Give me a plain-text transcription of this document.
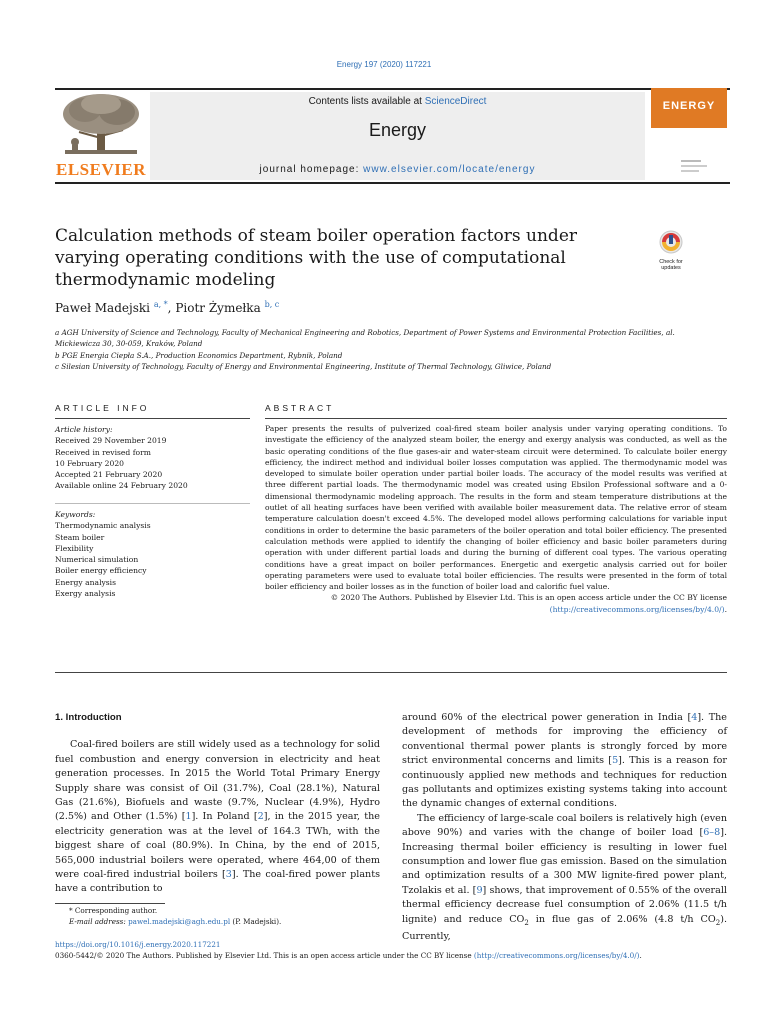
Energy 197 (2020) 117221
ELSEVIER
Contents lists available at ScienceDirect
Energy
journal homepage: www.elsevier.com/locate/energy
ENERGY
Calculation methods of steam boiler operation factors under varying operating conditions with the use of computational thermodynamic modeling
Check for updates
Paweł Madejski $^{a, *}$, Piotr Żymełka $^{b, c}$
a AGH University of Science and Technology, Faculty of Mechanical Engineering and Robotics, Department of Power Systems and Environmental Protection Facilities, al. Mickiewicza 30, 30-059, Kraków, Poland
b PGE Energia Ciepła S.A., Production Economics Department, Rybnik, Poland
c Silesian University of Technology, Faculty of Energy and Environmental Engineering, Institute of Thermal Technology, Gliwice, Poland
ARTICLE INFO	ABSTRACT
Article history:
Received 29 November 2019
Received in revised form
10 February 2020
Accepted 21 February 2020
Available online 24 February 2020
Keywords:
Thermodynamic analysis
Steam boiler
Flexibility
Numerical simulation
Boiler energy efficiency
Energy analysis
Exergy analysis
Paper presents the results of pulverized coal-fired steam boiler analysis under varying operating conditions. To investigate the efficiency of the analyzed steam boiler, the energy and exergy analysis was conducted, as well as the basic operating conditions of the flue gases-air and water-steam circuit were determined. To calculate boiler energy efficiency, the indirect method and individual boiler losses computation was applied. The thermodynamic model was developed to simulate boiler operation under partial boiler loads. The accuracy of the model results was verified at three different partial loads. The thermodynamic model was created using Ebsilon Professional software and a 0-dimensional thermodynamic modeling approach. The results in the form and steam temperature distributions at the outlet of all heating surfaces have been verified with available boiler measurement data. The relative error of steam temperature calculation doesn't exceed 4.5%. The developed model allows performing calculations for variable input conditions in order to determine the basic parameters of the boiler operation and total boiler efficiency. The presented calculation methods were applied to identify the changing of boiler efficiency and basic boiler parameters during operation with under different partial loads and during the burning of different coal types. The various operating conditions have a great impact on boiler performances. Energetic and exergetic analysis carried out for boiler operating parameters were used to evaluate total boiler efficiencies. The results were presented in the form of total boiler efficiency and boiler losses as in the function of boiler load and calorific fuel value.
© 2020 The Authors. Published by Elsevier Ltd. This is an open access article under the CC BY license
(http://creativecommons.org/licenses/by/4.0/).
1. Introduction

Coal-fired boilers are still widely used as a technology for solid fuel combustion and energy conversion in electricity and heat generation processes. In 2015 the World Total Primary Energy Supply share was consist of Oil (31.7%), Coal (28.1%), Natural Gas (21.6%), Biofuels and waste (9.7%, Nuclear (4.9%), Hydro (2.5%) and Other (1.5%) [1]. In Poland [2], in the 2015 year, the electricity generation was at the level of 164.3 TWh, with the biggest share of coal (80.9%). In China, by the end of 2015, 565,000 industrial boilers were operated, where 464,00 of them were coal-fired industrial boilers [3]. The coal-fired power plants have a contribution to

around 60% of the electrical power generation in India [4]. The development of methods for improving the efficiency of conventional thermal power plants is strongly forced by more strict environmental concerns and limits [5]. This is a reason for continuously applied new methods and techniques for reduction gas pollutants and optimizes existing systems taking into account the dynamic changes of external conditions.

The efficiency of large-scale coal boilers is relatively high (even above 90%) and varies with the change of boiler load [6–8]. Increasing thermal boiler efficiency is resulting in lower fuel consumption and lower flue gas emission. Based on the simulation and optimization results of a 300 MW lignite-fired power plant, Tzolakis et al. [9] shows, that improvement of 0.55% of the overall thermal efficiency decrease fuel consumption of 2.06% (11.5 t/h lignite) and reduce $CO_2$ in flue gas of 2.06% (4.8 t/h $CO_2$). Currently,

* Corresponding author.

E-mail address: pawel.madejski@agh.edu.pl (P. Madejski).

https://doi.org/10.1016/j.energy.2020.117221
0360-5442/© 2020 The Authors. Published by Elsevier Ltd. This is an open access article under the CC BY license (http://creativecommons.org/licenses/by/4.0/).
